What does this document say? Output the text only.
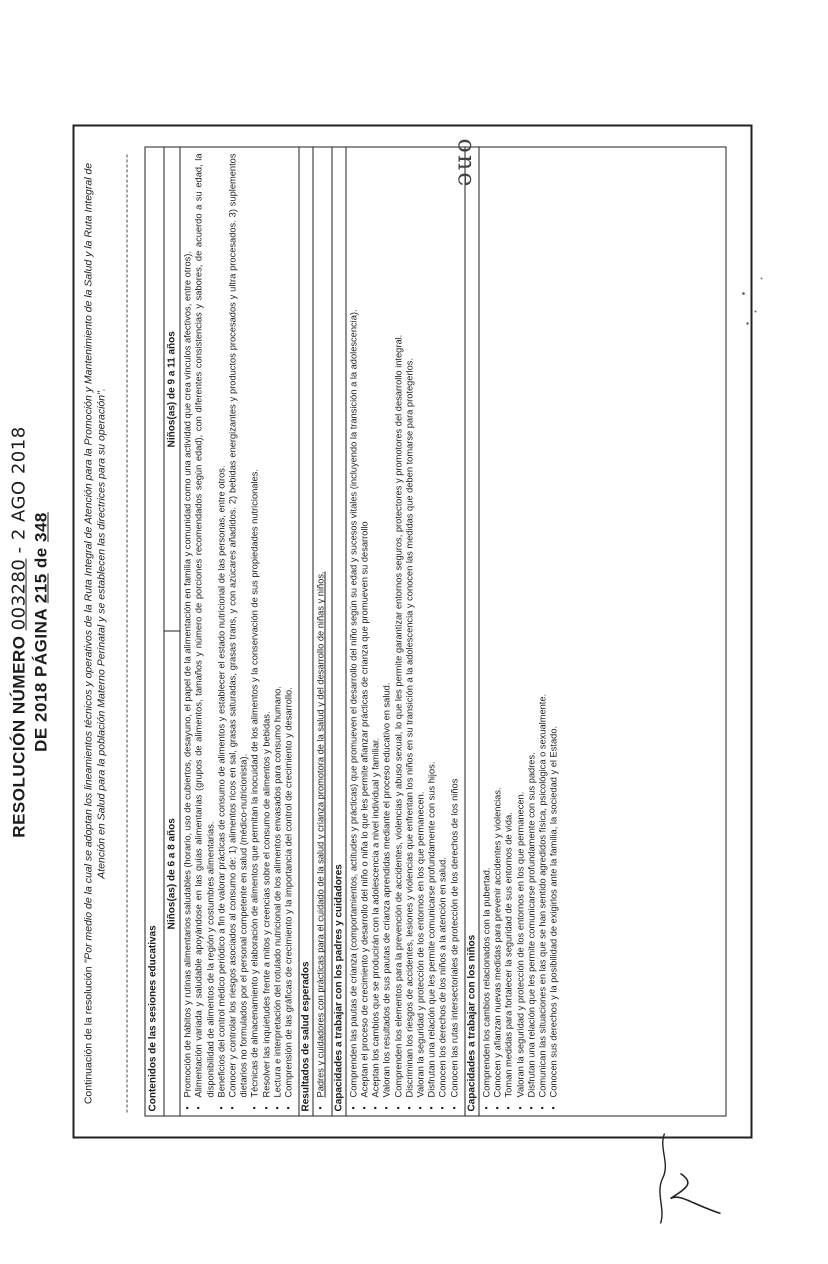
RESOLUCIÓN NÚMERO 003280 - 2 AGO 2018
DE 2018 PÁGINA 215 de 348
Continuación de la resolución "Por medio de la cual se adoptan los lineamientos técnicos y operativos de la Ruta Integral de Atención para la Promoción y Mantenimiento de la Salud y la Ruta Integral de Atención en Salud para la población Materno Perinatal y se establecen las directrices para su operación".
Contenidos de las sesiones educativas
Niños(as) de 6 a 8 años
Niños(as) de 9 a 11 años • Promoción de hábitos y rutinas alimentarios saludables (horario, uso de cubiertos, desayuno, el papel de la alimentación en familia y comunidad como una actividad que crea vínculos afectivos, entre otros). • Alimentación variada y saludable apoyándose en las guías alimentarias (grupos de alimentos, tamaños y número de porciones recomendados según edad), con diferentes consistencias y sabores, de acuerdo a su edad, la disponibilidad de alimentos de la región y costumbres alimentarias. • Beneficios del control médico periódico a fin de valorar prácticas de consumo de alimentos y establecer el estado nutricional de las personas, entre otros. • Conocer y controlar los riesgos asociados al consumo de: 1) alimentos ricos en sal, grasas saturadas, grasas trans, y con azúcares añadidos. 2) bebidas energizantes y productos procesados y ultra procesados. 3) suplementos dietarios no formulados por el personal competente en salud (médico-nutricionista). • Técnicas de almacenamiento y elaboración de alimentos que permitan la inocuidad de los alimentos y la conservación de sus propiedades nutricionales. • Resolver las inquietudes frente a mitos y creencias sobre el consumo de alimentos y bebidas. • Lectura e interpretación del rotulado nutricional de los alimentos envasados para consumo humano. • Comprensión de las gráficas de crecimiento y la importancia del control de crecimiento y desarrollo. Resultados de salud esperados • Padres y cuidadores con prácticas para el cuidado de la salud y crianza promotora de la salud y del desarrollo de niñas y niños. Capacidades a trabajar con los padres y cuidadores • Comprenden las pautas de crianza (comportamientos, actitudes y prácticas) que promueven el desarrollo del niño según su edad y sucesos vitales (incluyendo la transición a la adolescencia). • Aceptan el proceso de crecimiento y desarrollo del niño o niña lo que les permite afianzar prácticas de crianza que promueven su desarrollo • Aceptan los cambios que se producirán con la adolescencia a nivel individual y familiar. • Valoran los resultados de sus pautas de crianza aprendidas mediante el proceso educativo en salud. • Comprenden los elementos para la prevención de accidentes, violencias y abuso sexual, lo que les permite garantizar entornos seguros, protectores y promotores del desarrollo integral. • Discriminan los riesgos de accidentes, lesiones y violencias que enfrentan los niños en su transición a la adolescencia y conocen las medidas que deben tomarse para protegerlos. • Valoran la seguridad y protección de los entornos en los que permanecen. • Disfrutan una relación que les permite comunicarse profundamente con sus hijos. • Conocen los derechos de los niños a la atención en salud. • Conocen las rutas intersectoriales de protección de los derechos de los niños Capacidades a trabajar con los niños • Comprenden los cambios relacionados con la pubertad. • Conocen y afianzan nuevas medidas para prevenir accidentes y violencias. • Toman medidas para fortalecer la seguridad de sus entornos de vida. • Valoran la seguridad y protección de los entornos en los que permanecen. • Disfrutan una relación que les permite comunicarse profundamente con sus padres. • Comunican las situaciones en las que se han sentido agredidos física, psicológica o sexualmente. • Conocen sus derechos y la posibilidad de exigirlos ante la familia, la sociedad y el Estado.
one
